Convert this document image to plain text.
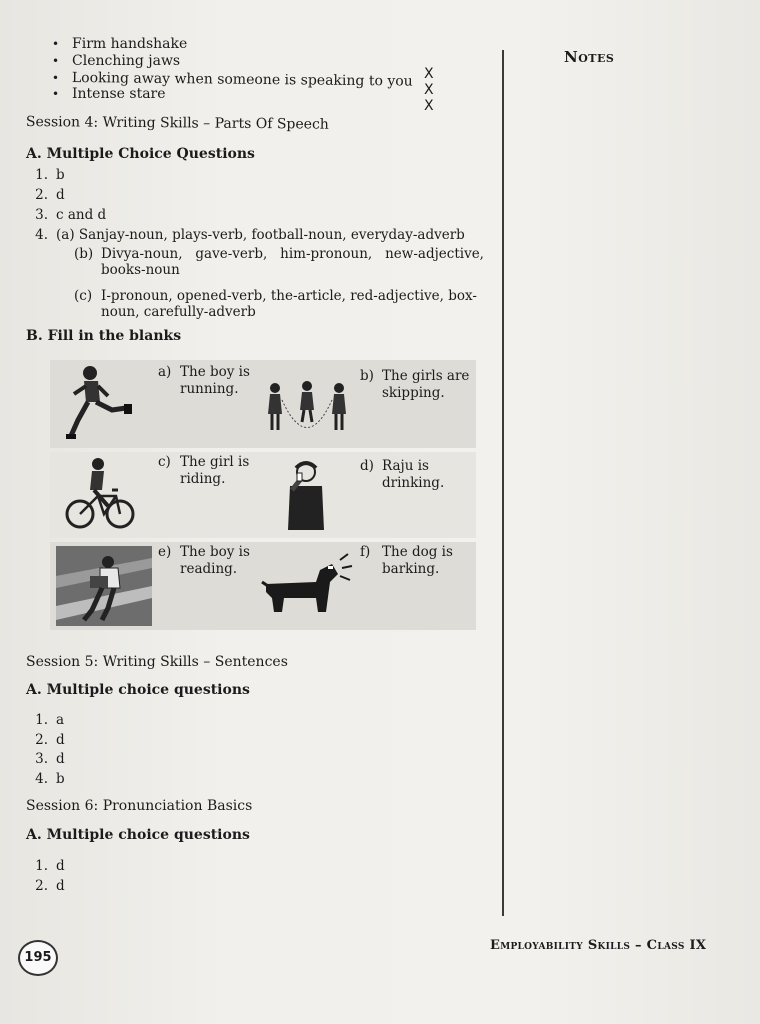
• Firm handshake
• Clenching jaws
• Looking away when someone is speaking to you
• Intense stare
X
X
X
Session 4: Writing Skills – Parts Of Speech
A. Multiple Choice Questions
1. b
2. d
3. c and d
4. (a) Sanjay-noun, plays-verb, football-noun, everyday-adverb
(b) Divya-noun,   gave-verb,   him-pronoun,   new-adjective,
books-noun
(c) I-pronoun, opened-verb, the-article, red-adjective, box-
noun, carefully-adverb
B. Fill in the blanks
a) The boy is
running.
b) The girls are
skipping.
c) The girl is
riding.
d) Raju is
drinking.
e) The boy is
reading.
f) The dog is
barking.
Session 5: Writing Skills – Sentences
A. Multiple choice questions
1. a
2. d
3. d
4. b
Session 6: Pronunciation Basics
A. Multiple choice questions
1. d
2. d
Notes
195
Employability Skills – Class IX
